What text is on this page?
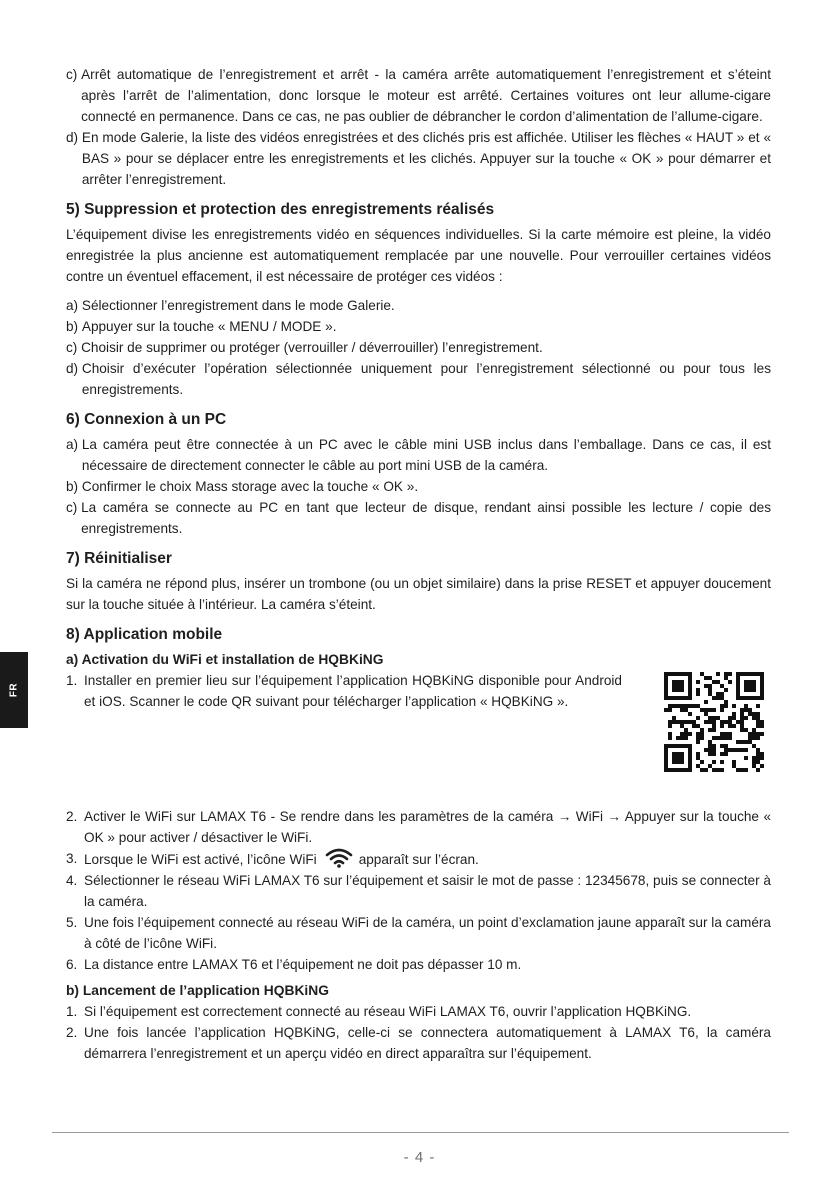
c)
Arrêt automatique de l’enregistrement et arrêt - la caméra arrête automatiquement l’enregistrement et s’éteint après l’arrêt de l’alimentation, donc lorsque le moteur est arrêté. Certaines voitures ont leur allume-cigare connecté en permanence. Dans ce cas, ne pas oublier de débrancher le cordon d’alimentation de l’allume-cigare.
d)
En mode Galerie, la liste des vidéos enregistrées et des clichés pris est affichée. Utiliser les flèches « HAUT » et « BAS » pour se déplacer entre les enregistrements et les clichés. Appuyer sur la touche « OK » pour démarrer et arrêter l’enregistrement.
5) Suppression et protection des enregistrements réalisés

L’équipement divise les enregistrements vidéo en séquences individuelles. Si la carte mémoire est pleine, la vidéo enregistrée la plus ancienne est automatiquement remplacée par une nouvelle. Pour verrouiller certaines vidéos contre un éventuel effacement, il est nécessaire de protéger ces vidéos :

a)
Sélectionner l’enregistrement dans le mode Galerie.
b)
Appuyer sur la touche « MENU / MODE ».
c)
Choisir de supprimer ou protéger (verrouiller / déverrouiller) l’enregistrement.
d)
Choisir d’exécuter l’opération sélectionnée uniquement pour l’enregistrement sélectionné ou pour tous les enregistrements.
6) Connexion à un PC
a)
La caméra peut être connectée à un PC avec le câble mini USB inclus dans l’emballage. Dans ce cas, il est nécessaire de directement connecter le câble au port mini USB de la caméra.
b)
Confirmer le choix Mass storage avec la touche « OK ».
c)
La caméra se connecte au PC en tant que lecteur de disque, rendant ainsi possible les lecture / copie des enregistrements.
7) Réinitialiser

Si la caméra ne répond plus, insérer un trombone (ou un objet similaire) dans la prise RESET et appuyer doucement sur la touche située à l’intérieur. La caméra s’éteint.

8) Application mobile
a) Activation du WiFi et installation de HQBKiNG
1. Installer en premier lieu sur l’équipement l’application HQBKiNG disponible pour Android et iOS. Scanner le code QR suivant pour télécharger l’application « HQBKiNG ».
2. Activer le WiFi sur LAMAX T6 - Se rendre dans les paramètres de la caméra → WiFi → Appuyer sur la touche « OK » pour activer / désactiver le WiFi.
3. Lorsque le WiFi est activé, l’icône WiFi	apparaît sur l’écran.
4. Sélectionner le réseau WiFi LAMAX T6 sur l’équipement et saisir le mot de passe : 12345678, puis se connecter à la caméra.
5. Une fois l’équipement connecté au réseau WiFi de la caméra, un point d’exclamation jaune apparaît sur la caméra à côté de l’icône WiFi.
6. La distance entre LAMAX T6 et l’équipement ne doit pas dépasser 10 m.
b) Lancement de l’application HQBKiNG
1. Si l’équipement est correctement connecté au réseau WiFi LAMAX T6, ouvrir l’application HQBKiNG.
2. Une fois lancée l’application HQBKiNG, celle-ci se connectera automatiquement à LAMAX T6, la caméra démarrera l’enregistrement et un aperçu vidéo en direct apparaîtra sur l’équipement.
FR
- 4 -
